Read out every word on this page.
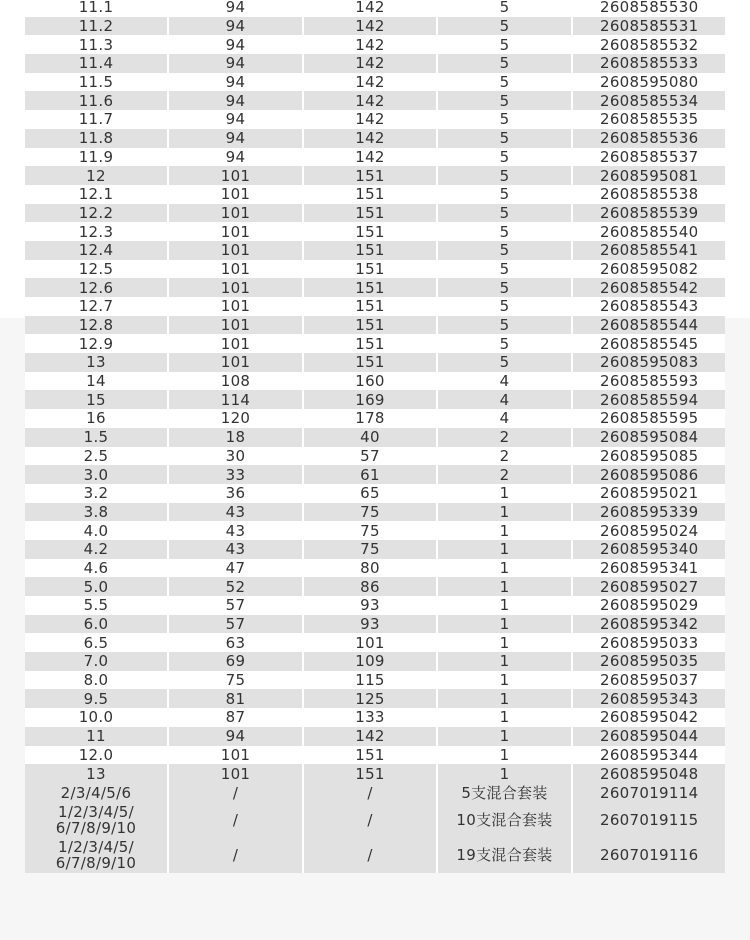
11.1	94	142	5	2608585530
11.2	94	142	5	2608585531
11.3	94	142	5	2608585532
11.4	94	142	5	2608585533
11.5	94	142	5	2608595080
11.6	94	142	5	2608585534
11.7	94	142	5	2608585535
11.8	94	142	5	2608585536
11.9	94	142	5	2608585537
12	101	151	5	2608595081
12.1	101	151	5	2608585538
12.2	101	151	5	2608585539
12.3	101	151	5	2608585540
12.4	101	151	5	2608585541
12.5	101	151	5	2608595082
12.6	101	151	5	2608585542
12.7	101	151	5	2608585543
12.8	101	151	5	2608585544
12.9	101	151	5	2608585545
13	101	151	5	2608595083
14	108	160	4	2608585593
15	114	169	4	2608585594
16	120	178	4	2608585595
1.5	18	40	2	2608595084
2.5	30	57	2	2608595085
3.0	33	61	2	2608595086
3.2	36	65	1	2608595021
3.8	43	75	1	2608595339
4.0	43	75	1	2608595024
4.2	43	75	1	2608595340
4.6	47	80	1	2608595341
5.0	52	86	1	2608595027
5.5	57	93	1	2608595029
6.0	57	93	1	2608595342
6.5	63	101	1	2608595033
7.0	69	109	1	2608595035
8.0	75	115	1	2608595037
9.5	81	125	1	2608595343
10.0	87	133	1	2608595042
11	94	142	1	2608595044
12.0	101	151	1	2608595344
13	101	151	1	2608595048
2/3/4/5/6	/	/	5支混合套装	2607019114
1/2/3/4/5/ 6/7/8/9/10	/	/	10支混合套装	2607019115
1/2/3/4/5/ 6/7/8/9/10	/	/	19支混合套装	2607019116
